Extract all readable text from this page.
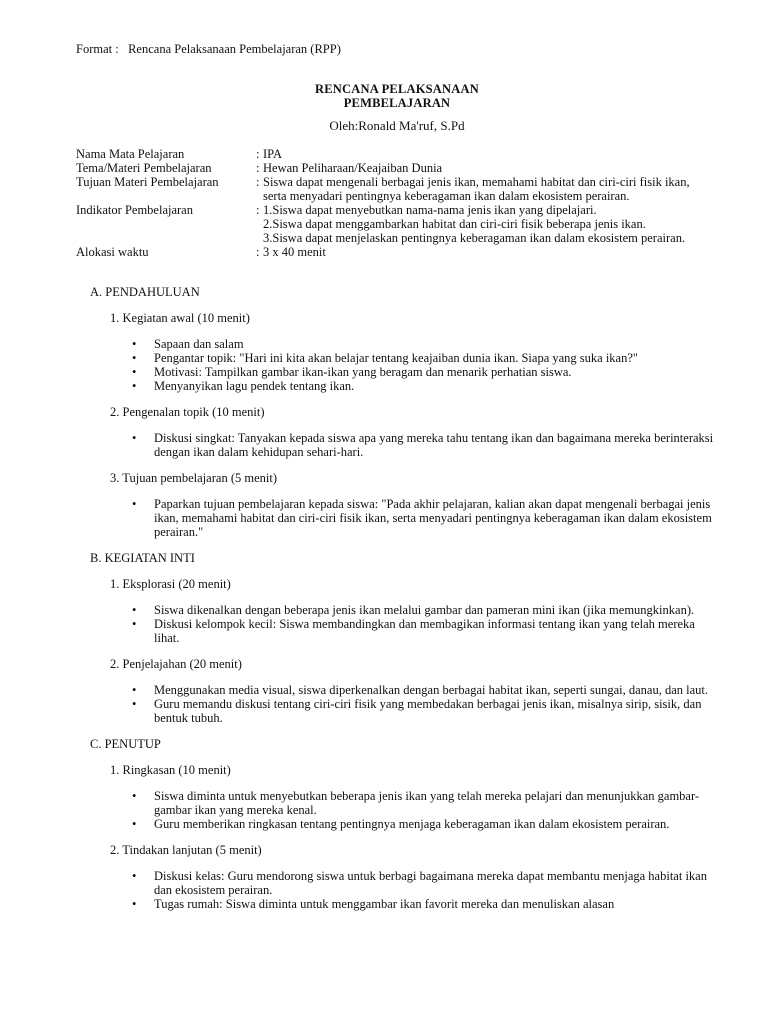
Format : Rencana Pelaksanaan Pembelajaran (RPP)

RENCANA PELAKSANAAN

PEMBELAJARAN

Oleh:Ronald Ma'ruf, S.Pd

Nama Mata Pelajaran	:	IPA
Tema/Materi Pembelajaran	:	Hewan Peliharaan/Keajaiban Dunia
Tujuan Materi Pembelajaran	:	Siswa dapat mengenali berbagai jenis ikan, memahami habitat dan ciri-ciri fisik ikan, serta menyadari pentingnya keberagaman ikan dalam ekosistem perairan.
Indikator Pembelajaran	:	1.Siswa dapat menyebutkan nama-nama jenis ikan yang dipelajari.

2.Siswa dapat menggambarkan habitat dan ciri-ciri fisik beberapa jenis ikan.

3.Siswa dapat menjelaskan pentingnya keberagaman ikan dalam ekosistem perairan.

Alokasi waktu	:	3 x 40 menit
A. PENDAHULUAN
1. Kegiatan awal (10 menit)
• Sapaan dan salam
• Pengantar topik: "Hari ini kita akan belajar tentang keajaiban dunia ikan. Siapa yang suka ikan?"
• Motivasi: Tampilkan gambar ikan-ikan yang beragam dan menarik perhatian siswa.
• Menyanyikan lagu pendek tentang ikan.
2. Pengenalan topik (10 menit)
• Diskusi singkat: Tanyakan kepada siswa apa yang mereka tahu tentang ikan dan bagaimana mereka berinteraksi dengan ikan dalam kehidupan sehari-hari.
3. Tujuan pembelajaran (5 menit)
• Paparkan tujuan pembelajaran kepada siswa: "Pada akhir pelajaran, kalian akan dapat mengenali berbagai jenis ikan, memahami habitat dan ciri-ciri fisik ikan, serta menyadari pentingnya keberagaman ikan dalam ekosistem perairan."
B. KEGIATAN INTI
1. Eksplorasi (20 menit)
• Siswa dikenalkan dengan beberapa jenis ikan melalui gambar dan pameran mini ikan (jika memungkinkan).
• Diskusi kelompok kecil: Siswa membandingkan dan membagikan informasi tentang ikan yang telah mereka lihat.
2. Penjelajahan (20 menit)
• Menggunakan media visual, siswa diperkenalkan dengan berbagai habitat ikan, seperti sungai, danau, dan laut.
• Guru memandu diskusi tentang ciri-ciri fisik yang membedakan berbagai jenis ikan, misalnya sirip, sisik, dan bentuk tubuh.
C. PENUTUP
1. Ringkasan (10 menit)
• Siswa diminta untuk menyebutkan beberapa jenis ikan yang telah mereka pelajari dan menunjukkan gambar-gambar ikan yang mereka kenal.
• Guru memberikan ringkasan tentang pentingnya menjaga keberagaman ikan dalam ekosistem perairan.
2. Tindakan lanjutan (5 menit)
• Diskusi kelas: Guru mendorong siswa untuk berbagi bagaimana mereka dapat membantu menjaga habitat ikan dan ekosistem perairan.
• Tugas rumah: Siswa diminta untuk menggambar ikan favorit mereka dan menuliskan alasan
